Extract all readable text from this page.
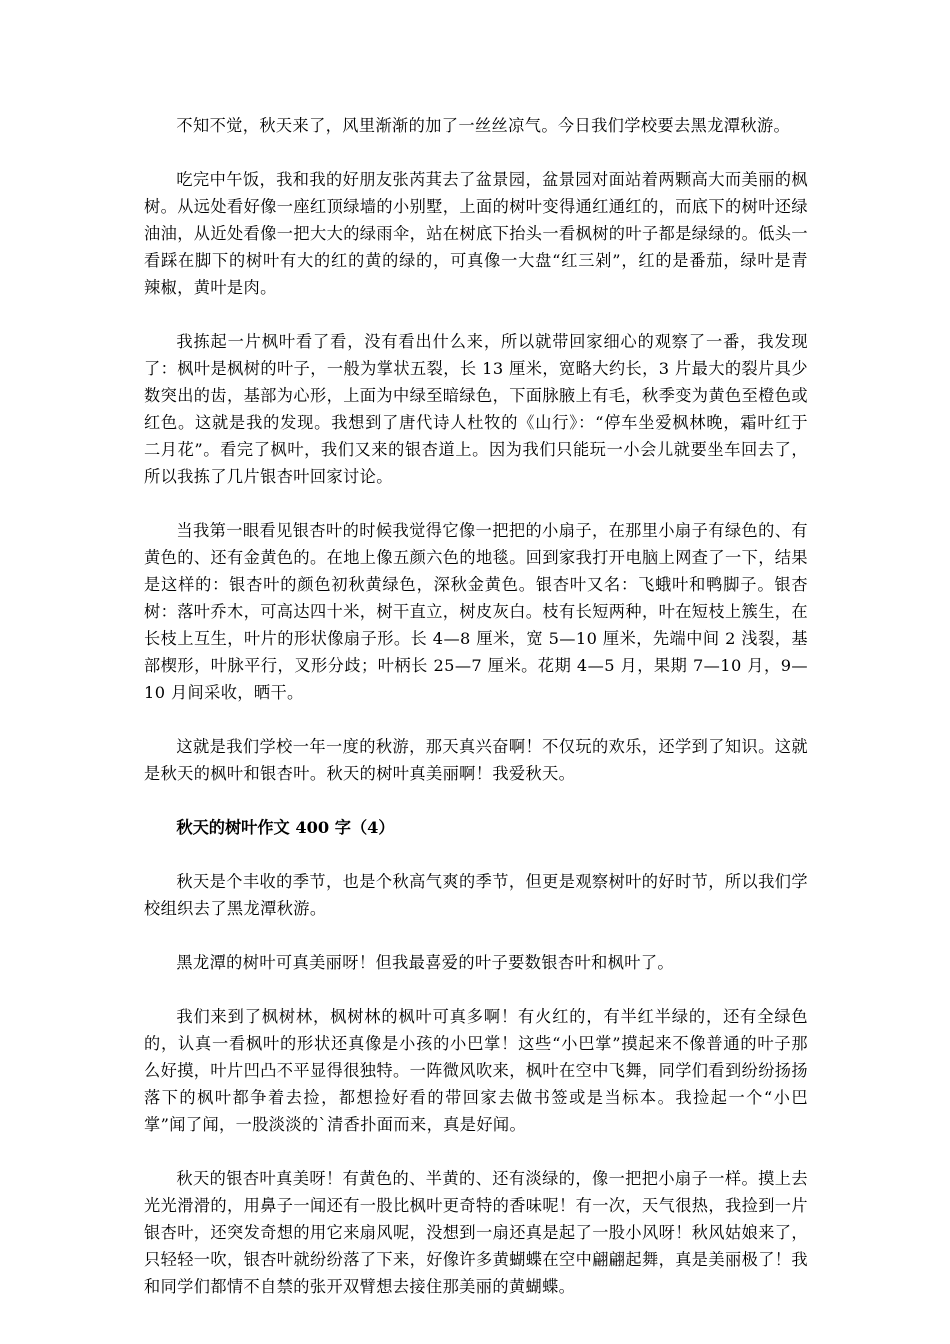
不知不觉，秋天来了，风里渐渐的加了一丝丝凉气。今日我们学校要去黑龙潭秋游。

吃完中午饭，我和我的好朋友张芮萁去了盆景园，盆景园对面站着两颗高大而美丽的枫树。从远处看好像一座红顶绿墙的小别墅，上面的树叶变得通红通红的，而底下的树叶还绿油油，从近处看像一把大大的绿雨伞，站在树底下抬头一看枫树的叶子都是绿绿的。低头一看踩在脚下的树叶有大的红的黄的绿的，可真像一大盘“红三剁”，红的是番茄，绿叶是青辣椒，黄叶是肉。

我拣起一片枫叶看了看，没有看出什么来，所以就带回家细心的观察了一番，我发现了：枫叶是枫树的叶子，一般为掌状五裂，长 13 厘米，宽略大约长，3 片最大的裂片具少数突出的齿，基部为心形，上面为中绿至暗绿色，下面脉腋上有毛，秋季变为黄色至橙色或红色。这就是我的发现。我想到了唐代诗人杜牧的《山行》：“停车坐爱枫林晚，霜叶红于二月花”。看完了枫叶，我们又来的银杏道上。因为我们只能玩一小会儿就要坐车回去了，所以我拣了几片银杏叶回家讨论。

当我第一眼看见银杏叶的时候我觉得它像一把把的小扇子，在那里小扇子有绿色的、有黄色的、还有金黄色的。在地上像五颜六色的地毯。回到家我打开电脑上网查了一下，结果是这样的：银杏叶的颜色初秋黄绿色，深秋金黄色。银杏叶又名：飞蛾叶和鸭脚子。银杏树：落叶乔木，可高达四十米，树干直立，树皮灰白。枝有长短两种，叶在短枝上簇生，在长枝上互生，叶片的形状像扇子形。长 4—8 厘米，宽 5—10 厘米，先端中间 2 浅裂，基部楔形，叶脉平行，叉形分歧；叶柄长 25—7 厘米。花期 4—5 月，果期 7—10 月，9—10 月间采收，晒干。

这就是我们学校一年一度的秋游，那天真兴奋啊！不仅玩的欢乐，还学到了知识。这就是秋天的枫叶和银杏叶。秋天的树叶真美丽啊！我爱秋天。

秋天的树叶作文 400 字（4）

秋天是个丰收的季节，也是个秋高气爽的季节，但更是观察树叶的好时节，所以我们学校组织去了黑龙潭秋游。

黑龙潭的树叶可真美丽呀！但我最喜爱的叶子要数银杏叶和枫叶了。

我们来到了枫树林，枫树林的枫叶可真多啊！有火红的，有半红半绿的，还有全绿色的，认真一看枫叶的形状还真像是小孩的小巴掌！这些“小巴掌”摸起来不像普通的叶子那么好摸，叶片凹凸不平显得很独特。一阵微风吹来，枫叶在空中飞舞，同学们看到纷纷扬扬落下的枫叶都争着去捡，都想捡好看的带回家去做书签或是当标本。我捡起一个“小巴掌”闻了闻，一股淡淡的`清香扑面而来，真是好闻。

秋天的银杏叶真美呀！有黄色的、半黄的、还有淡绿的，像一把把小扇子一样。摸上去光光滑滑的，用鼻子一闻还有一股比枫叶更奇特的香味呢！有一次，天气很热，我捡到一片银杏叶，还突发奇想的用它来扇风呢，没想到一扇还真是起了一股小风呀！秋风姑娘来了，只轻轻一吹，银杏叶就纷纷落了下来，好像许多黄蝴蝶在空中翩翩起舞，真是美丽极了！我和同学们都情不自禁的张开双臂想去接住那美丽的黄蝴蝶。
